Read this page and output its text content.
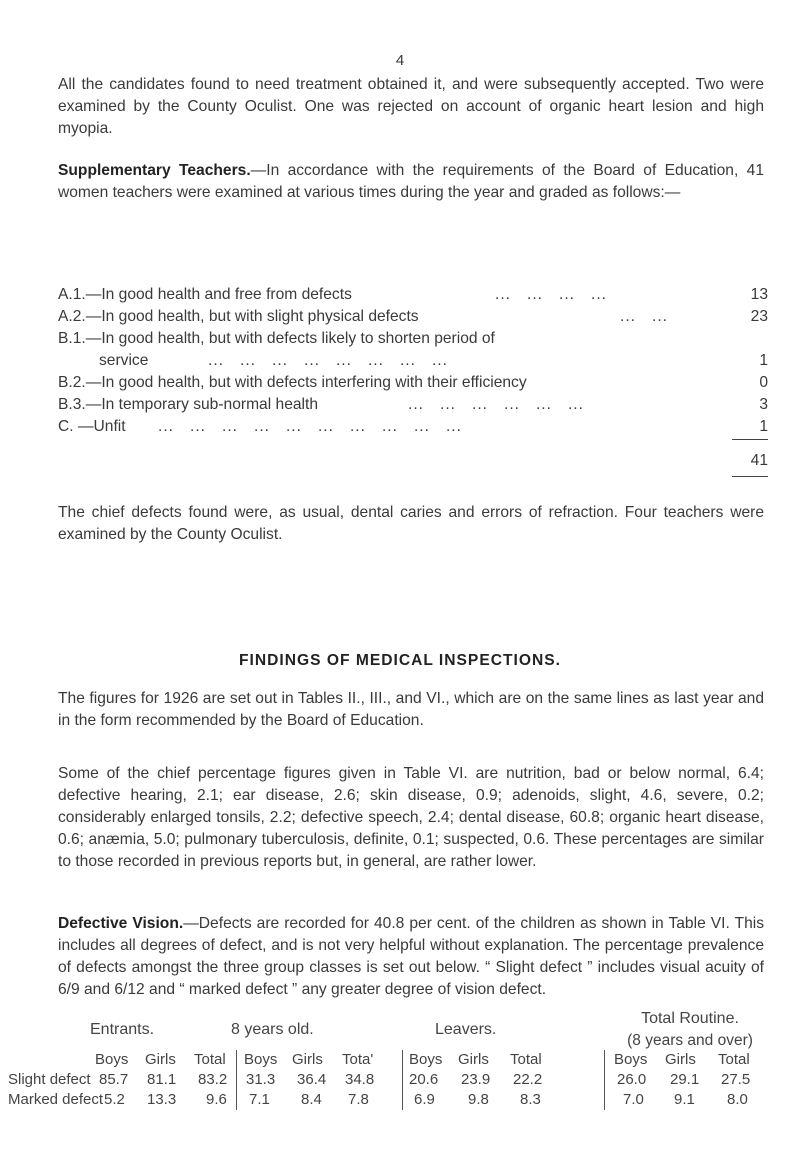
4

All the candidates found to need treatment obtained it, and were subsequently accepted. Two were examined by the County Oculist. One was rejected on account of organic heart lesion and high myopia.

Supplementary Teachers.—In accordance with the requirements of the Board of Education, 41 women teachers were examined at various times during the year and graded as follows:—

A.1.—In good health and free from defects	...   ...   ...   ...	13
A.2.—In good health, but with slight physical defects	...   ...	23
B.1.—In good health, but with defects likely to shorten period of
service	...   ...   ...   ...   ...   ...   ...   ...	1
B.2.—In good health, but with defects interfering with their efficiency	0
B.3.—In temporary sub-normal health	...   ...   ...   ...   ...   ...	3
C. —Unfit ...   ...   ...   ...   ...   ...   ...   ...   ...   ...	1
41

The chief defects found were, as usual, dental caries and errors of refraction. Four teachers were examined by the County Oculist.

FINDINGS OF MEDICAL INSPECTIONS.

The figures for 1926 are set out in Tables II., III., and VI., which are on the same lines as last year and in the form recommended by the Board of Education.

Some of the chief percentage figures given in Table VI. are nutrition, bad or below normal, 6.4; defective hearing, 2.1; ear disease, 2.6; skin disease, 0.9; adenoids, slight, 4.6, severe, 0.2; considerably enlarged tonsils, 2.2; defective speech, 2.4; dental disease, 60.8; organic heart disease, 0.6; anæmia, 5.0; pulmonary tuberculosis, definite, 0.1; suspected, 0.6. These percentages are similar to those recorded in previous reports but, in general, are rather lower.

Defective Vision.—Defects are recorded for 40.8 per cent. of the children as shown in Table VI. This includes all degrees of defect, and is not very helpful without explanation. The percentage prevalence of defects amongst the three group classes is set out below. “ Slight defect ” includes visual acuity of 6/9 and 6/12 and “ marked defect ” any greater degree of vision defect.

Entrants.	8 years old.	Leavers.
Total Routine.
(8 years and over)
Boys Girls Total Boys Girls Tota' Boys Girls Total	Boys Girls Total
Slight defect 85.7 81.1 83.2 31.3 36.4 34.8 20.6 23.9 22.2	26.0 29.1 27.5
Marked defect 5.2 13.3 9.6 7.1 8.4 7.8	6.9 9.8 8.3	7.0 9.1 8.0
